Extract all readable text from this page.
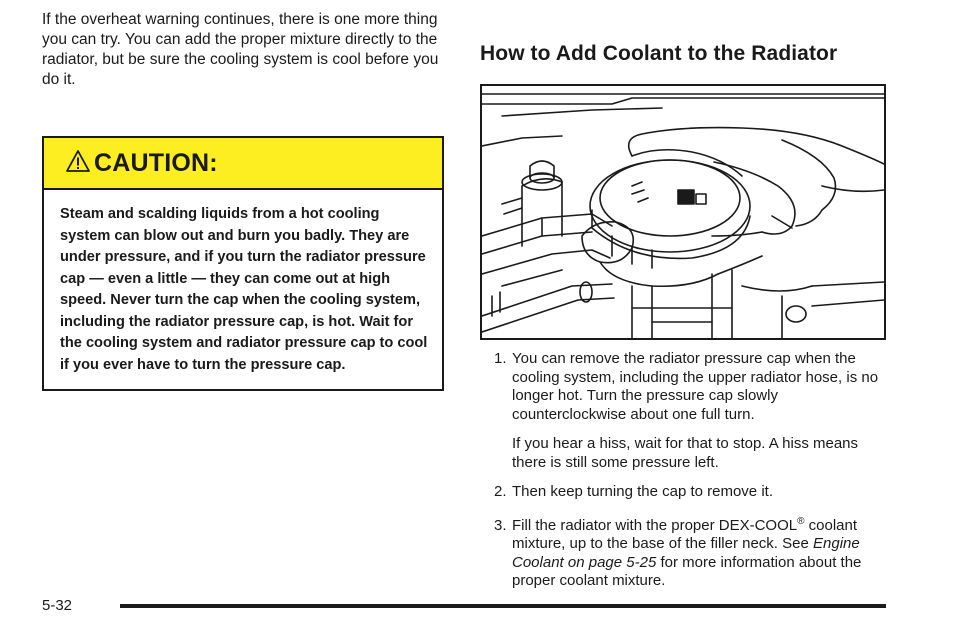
If the overheat warning continues, there is one more thing you can try. You can add the proper mixture directly to the radiator, but be sure the cooling system is cool before you do it.

CAUTION:

Steam and scalding liquids from a hot cooling system can blow out and burn you badly. They are under pressure, and if you turn the radiator pressure cap — even a little — they can come out at high speed. Never turn the cap when the cooling system, including the radiator pressure cap, is hot. Wait for the cooling system and radiator pressure cap to cool if you ever have to turn the pressure cap.

How to Add Coolant to the Radiator
1. You can remove the radiator pressure cap when the cooling system, including the upper radiator hose, is no longer hot. Turn the pressure cap slowly counterclockwise about one full turn.
If you hear a hiss, wait for that to stop. A hiss means there is still some pressure left.
2. Then keep turning the cap to remove it.
3. Fill the radiator with the proper DEX-COOL® coolant mixture, up to the base of the filler neck. See Engine Coolant on page 5-25 for more information about the proper coolant mixture.
5-32
